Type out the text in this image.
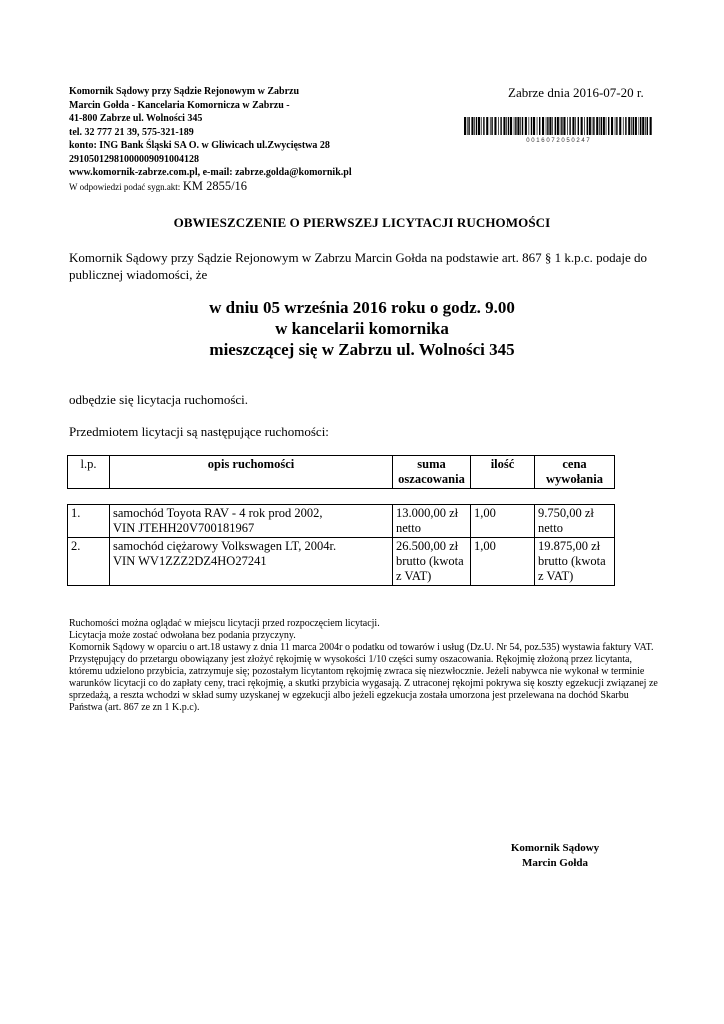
Komornik Sądowy przy Sądzie Rejonowym w Zabrzu
Marcin Gołda - Kancelaria Komornicza w Zabrzu -
41-800 Zabrze ul. Wolności 345
tel. 32 777 21 39, 575-321-189
konto: ING Bank Śląski SA O. w Gliwicach ul.Zwycięstwa 28
29105012981000009091004128
www.komornik-zabrze.com.pl, e-mail: zabrze.golda@komornik.pl
W odpowiedzi podać sygn.akt: KM 2855/16
Zabrze dnia 2016-07-20 r.
0 0 1 6 0 7 2 0 5 0 2 4 7
OBWIESZCZENIE O PIERWSZEJ LICYTACJI RUCHOMOŚCI
Komornik Sądowy przy Sądzie Rejonowym w Zabrzu Marcin Gołda na podstawie art. 867 § 1 k.p.c. podaje do publicznej wiadomości, że
w dniu 05 września 2016 roku o godz. 9.00
w kancelarii komornika
mieszczącej się w Zabrzu ul. Wolności 345
odbędzie się licytacja ruchomości.
Przedmiotem licytacji są następujące ruchomości:
l.p.	opis ruchomości	suma oszacowania	ilość	cena wywołania
1.	samochód Toyota RAV - 4 rok prod 2002,
VIN JTEHH20V700181967	13.000,00 zł netto	1,00	9.750,00 zł netto
2.	samochód ciężarowy Volkswagen LT, 2004r.
VIN WV1ZZZ2DZ4HO27241	26.500,00 zł brutto (kwota z VAT)	1,00	19.875,00 zł brutto (kwota z VAT)

Ruchomości można oglądać w miejscu licytacji przed rozpoczęciem licytacji.

Licytacja może zostać odwołana bez podania przyczyny.

Komornik Sądowy w oparciu o art.18 ustawy z dnia 11 marca 2004r o podatku od towarów i usług (Dz.U. Nr 54, poz.535) wystawia faktury VAT.

Przystępujący do przetargu obowiązany jest złożyć rękojmię w wysokości 1/10 części sumy oszacowania. Rękojmię złożoną przez licytanta, któremu udzielono przybicia, zatrzymuje się; pozostałym licytantom rękojmię zwraca się niezwłocznie. Jeżeli nabywca nie wykonał w terminie warunków licytacji co do zapłaty ceny, traci rękojmię, a skutki przybicia wygasają. Z utraconej rękojmi pokrywa się koszty egzekucji związanej ze sprzedażą, a reszta wchodzi w skład sumy uzyskanej w egzekucji albo jeżeli egzekucja została umorzona jest przelewana na dochód Skarbu Państwa (art. 867 ze zn 1 K.p.c).

Komornik Sądowy
Marcin Gołda
